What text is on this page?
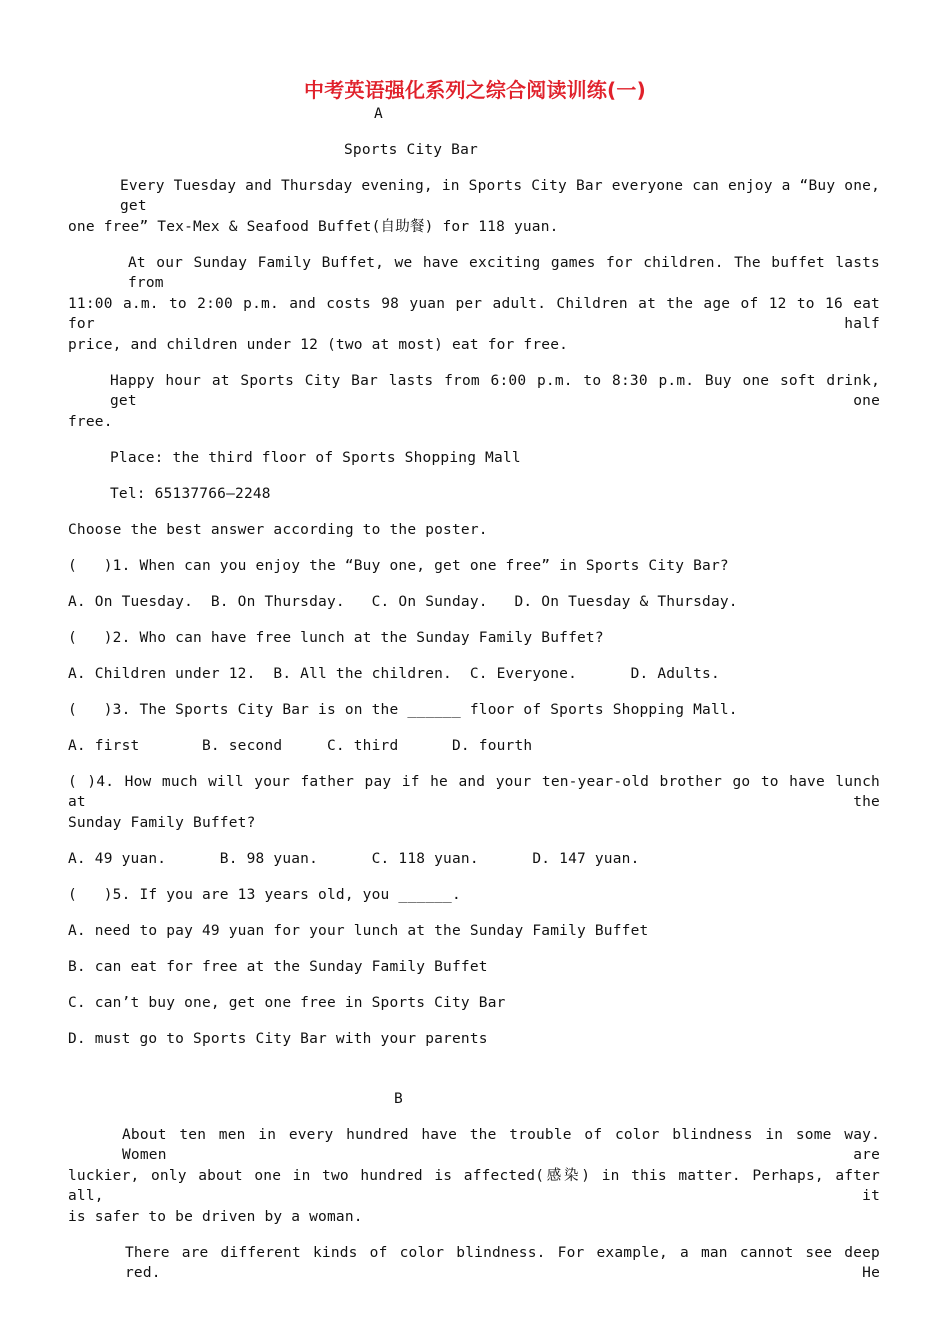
中考英语强化系列之综合阅读训练(一)
A
Sports City Bar
Every Tuesday and Thursday evening, in Sports City Bar everyone can enjoy a “Buy one, get
one free” Tex-Mex & Seafood Buffet(自助餐) for 118 yuan.
At our Sunday Family Buffet, we have exciting games for children. The buffet lasts from
11:00 a.m. to 2:00 p.m. and costs 98 yuan per adult. Children at the age of 12 to 16 eat for half
price, and children under 12 (two at most) eat for free.
Happy hour at Sports City Bar lasts from 6:00 p.m. to 8:30 p.m. Buy one soft drink, get one
free.
Place: the third floor of Sports Shopping Mall
Tel: 65137766—2248
Choose the best answer according to the poster.
(   )1. When can you enjoy the “Buy one, get one free” in Sports City Bar?
A. On Tuesday.  B. On Thursday.   C. On Sunday.   D. On Tuesday & Thursday.
(   )2. Who can have free lunch at the Sunday Family Buffet?
A. Children under 12.  B. All the children.  C. Everyone.      D. Adults.
(   )3. The Sports City Bar is on the ______ floor of Sports Shopping Mall.
A. first       B. second     C. third      D. fourth
( )4. How much will your father pay if he and your ten-year-old brother go to have lunch at the
Sunday Family Buffet?
A. 49 yuan.      B. 98 yuan.      C. 118 yuan.      D. 147 yuan.
(   )5. If you are 13 years old, you ______.
A. need to pay 49 yuan for your lunch at the Sunday Family Buffet
B. can eat for free at the Sunday Family Buffet
C. can’t buy one, get one free in Sports City Bar
D. must go to Sports City Bar with your parents
B
About ten men in every hundred have the trouble of color blindness in some way. Women are
luckier, only about one in two hundred is affected(感染) in this matter. Perhaps, after all, it
is safer to be driven by a woman.
There are different kinds of color blindness. For example, a man cannot see deep red. He
